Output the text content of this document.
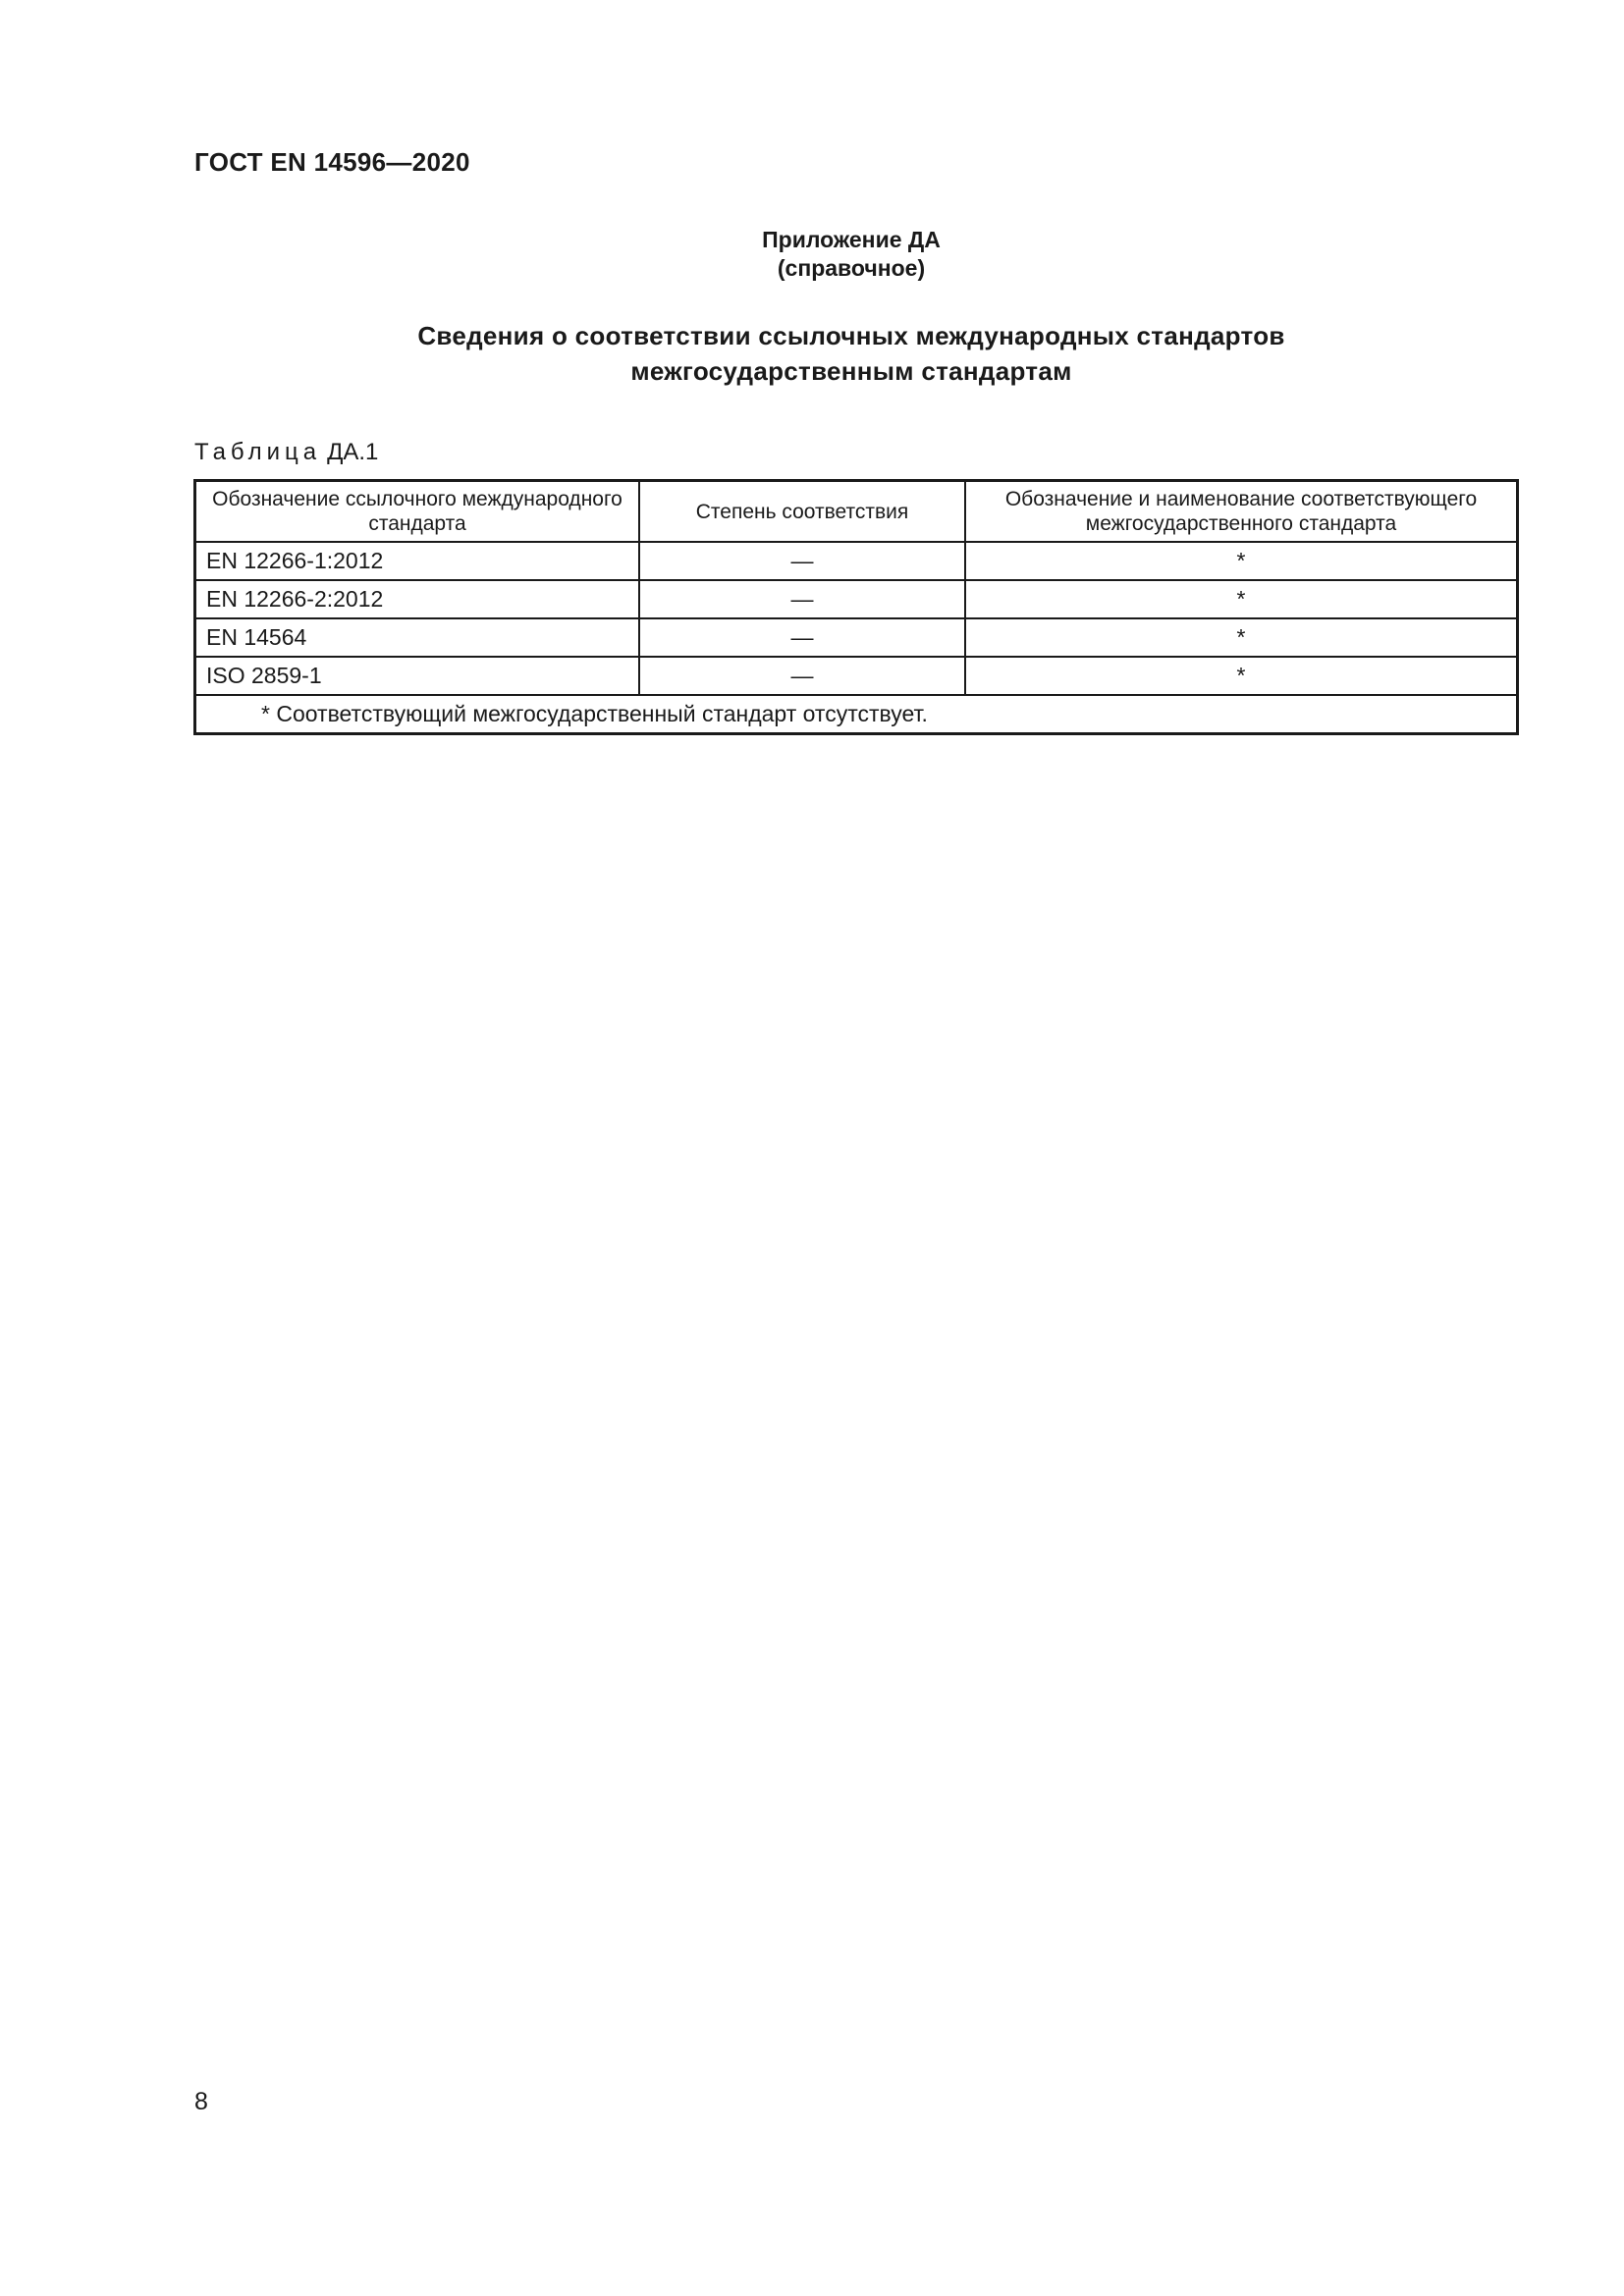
ГОСТ EN 14596—2020
Приложение ДА
(справочное)
Сведения о соответствии ссылочных международных стандартов
межгосударственным стандартам
Таблица ДА.1
Обозначение ссылочного международного стандарта	Степень соответствия	Обозначение и наименование соответствующего межгосударственного стандарта
EN 12266-1:2012	—	*
EN 12266-2:2012	—	*
EN 14564	—	*
ISO 2859-1	—	*
* Соответствующий межгосударственный стандарт отсутствует.		
8
